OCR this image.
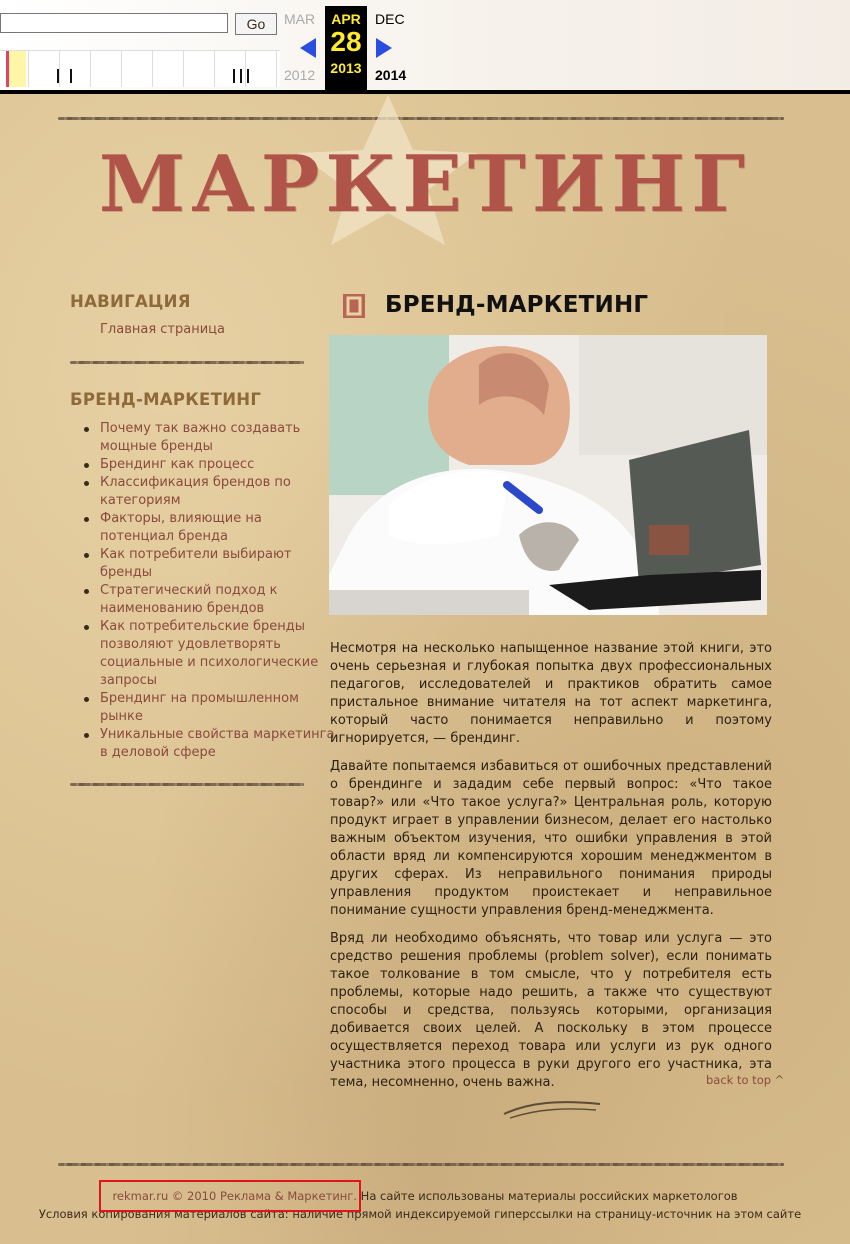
Go	MAR
2012
APR
28
2013
DEC
2014
МАРКЕТИНГ
НАВИГАЦИЯ
Главная страница
БРЕНД-МАРКЕТИНГ
Почему так важно создавать мощные бренды
Брендинг как процесс
Классификация брендов по категориям
Факторы, влияющие на потенциал бренда
Как потребители выбирают бренды
Стратегический подход к наименованию брендов
Как потребительские бренды позволяют удовлетворять социальные и психологические запросы
Брендинг на промышленном рынке
Уникальные свойства маркетинга в деловой сфере
БРЕНД-МАРКЕТИНГ

Несмотря на несколько напыщенное название этой книги, это очень серьезная и глубокая попытка двух профессиональных педагогов, исследователей и практиков обратить самое пристальное внимание читателя на тот аспект маркетинга, который часто понимается неправильно и поэтому игнорируется, — брендинг.

Давайте попытаемся избавиться от ошибочных представлений о брендинге и зададим себе первый вопрос: «Что такое товар?» или «Что такое услуга?» Центральная роль, которую продукт играет в управлении бизнесом, делает его настолько важным объектом изучения, что ошибки управления в этой области вряд ли компенсируются хорошим менеджментом в других сферах. Из неправильного понимания природы управления продуктом проистекает и неправильное понимание сущности управления бренд-менеджмента.

Вряд ли необходимо объяснять, что товар или услуга — это средство решения проблемы (problem solver), если понимать такое толкование в том смысле, что у потребителя есть проблемы, которые надо решить, а также что существуют способы и средства, пользуясь которыми, организация добивается своих целей. А поскольку в этом процессе осуществляется переход товара или услуги из рук одного участника этого процесса в руки другого его участника, эта тема, несомненно, очень важна.	back to top ^
rekmar.ru © 2010 Реклама & Маркетинг. На сайте использованы материалы российских маркетологов
Условия копирования материалов сайта: наличие прямой индексируемой гиперссылки на страницу-источник на этом сайте
